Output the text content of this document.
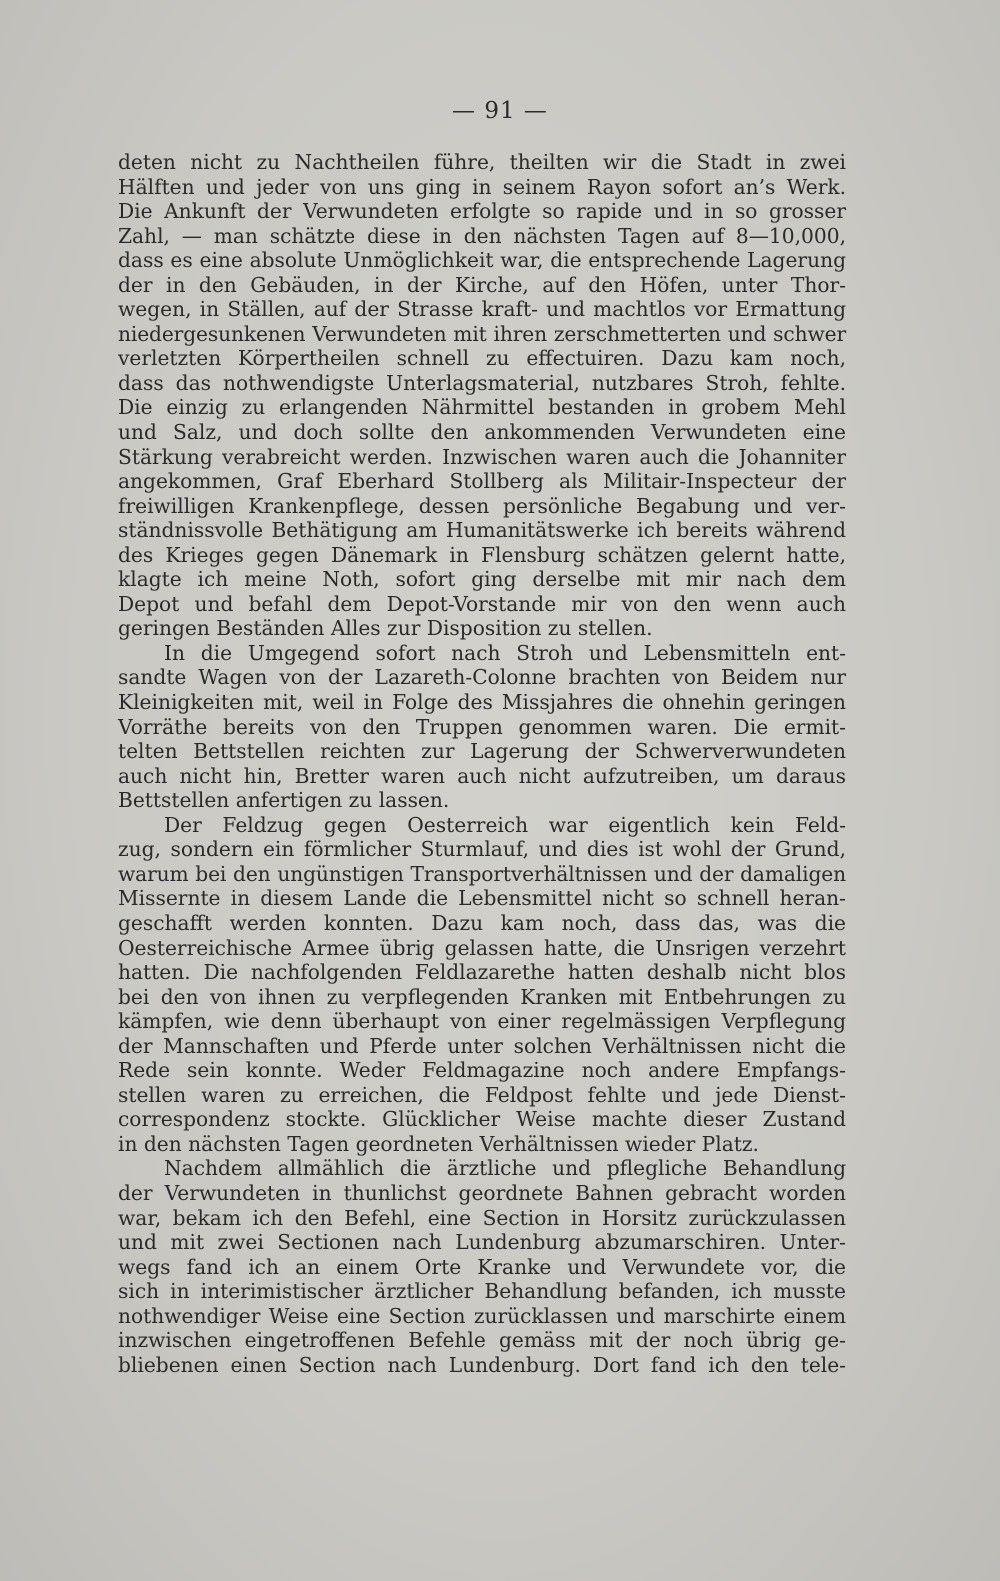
— 91 —
deten nicht zu Nachtheilen führe, theilten wir die Stadt in zwei
Hälften und jeder von uns ging in seinem Rayon sofort an’s Werk.
Die Ankunft der Verwundeten erfolgte so rapide und in so grosser
Zahl, — man schätzte diese in den nächsten Tagen auf 8—10,000,
dass es eine absolute Unmöglichkeit war, die entsprechende Lagerung
der in den Gebäuden, in der Kirche, auf den Höfen, unter Thor-
wegen, in Ställen, auf der Strasse kraft- und machtlos vor Ermattung
niedergesunkenen Verwundeten mit ihren zerschmetterten und schwer
verletzten Körpertheilen schnell zu effectuiren. Dazu kam noch,
dass das nothwendigste Unterlagsmaterial, nutzbares Stroh, fehlte.
Die einzig zu erlangenden Nährmittel bestanden in grobem Mehl
und Salz, und doch sollte den ankommenden Verwundeten eine
Stärkung verabreicht werden. Inzwischen waren auch die Johanniter
angekommen, Graf Eberhard Stollberg als Militair-Inspecteur der
freiwilligen Krankenpflege, dessen persönliche Begabung und ver-
ständnissvolle Bethätigung am Humanitätswerke ich bereits während
des Krieges gegen Dänemark in Flensburg schätzen gelernt hatte,
klagte ich meine Noth, sofort ging derselbe mit mir nach dem
Depot und befahl dem Depot-Vorstande mir von den wenn auch
geringen Beständen Alles zur Disposition zu stellen.
In die Umgegend sofort nach Stroh und Lebensmitteln ent-
sandte Wagen von der Lazareth-Colonne brachten von Beidem nur
Kleinigkeiten mit, weil in Folge des Missjahres die ohnehin geringen
Vorräthe bereits von den Truppen genommen waren. Die ermit-
telten Bettstellen reichten zur Lagerung der Schwerverwundeten
auch nicht hin, Bretter waren auch nicht aufzutreiben, um daraus
Bettstellen anfertigen zu lassen.
Der Feldzug gegen Oesterreich war eigentlich kein Feld-
zug, sondern ein förmlicher Sturmlauf, und dies ist wohl der Grund,
warum bei den ungünstigen Transportverhältnissen und der damaligen
Missernte in diesem Lande die Lebensmittel nicht so schnell heran-
geschafft werden konnten. Dazu kam noch, dass das, was die
Oesterreichische Armee übrig gelassen hatte, die Unsrigen verzehrt
hatten. Die nachfolgenden Feldlazarethe hatten deshalb nicht blos
bei den von ihnen zu verpflegenden Kranken mit Entbehrungen zu
kämpfen, wie denn überhaupt von einer regelmässigen Verpflegung
der Mannschaften und Pferde unter solchen Verhältnissen nicht die
Rede sein konnte. Weder Feldmagazine noch andere Empfangs-
stellen waren zu erreichen, die Feldpost fehlte und jede Dienst-
correspondenz stockte. Glücklicher Weise machte dieser Zustand
in den nächsten Tagen geordneten Verhältnissen wieder Platz.
Nachdem allmählich die ärztliche und pflegliche Behandlung
der Verwundeten in thunlichst geordnete Bahnen gebracht worden
war, bekam ich den Befehl, eine Section in Horsitz zurückzulassen
und mit zwei Sectionen nach Lundenburg abzumarschiren. Unter-
wegs fand ich an einem Orte Kranke und Verwundete vor, die
sich in interimistischer ärztlicher Behandlung befanden, ich musste
nothwendiger Weise eine Section zurücklassen und marschirte einem
inzwischen eingetroffenen Befehle gemäss mit der noch übrig ge-
bliebenen einen Section nach Lundenburg. Dort fand ich den tele-
